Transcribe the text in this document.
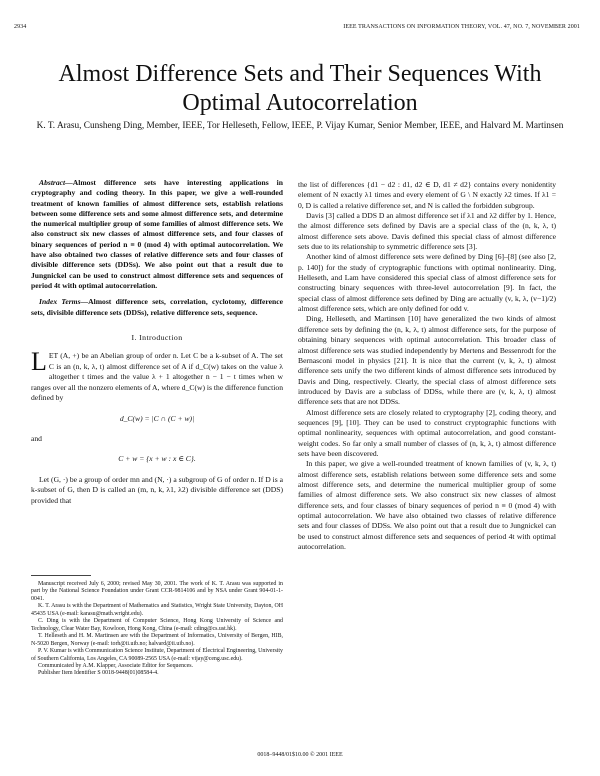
2934	IEEE TRANSACTIONS ON INFORMATION THEORY, VOL. 47, NO. 7, NOVEMBER 2001
Almost Difference Sets and Their Sequences With Optimal Autocorrelation
K. T. Arasu, Cunsheng Ding, Member, IEEE, Tor Helleseth, Fellow, IEEE, P. Vijay Kumar, Senior Member, IEEE, and Halvard M. Martinsen

Abstract—Almost difference sets have interesting applications in cryptography and coding theory. In this paper, we give a well-rounded treatment of known families of almost difference sets, establish relations between some difference sets and some almost difference sets, and determine the numerical multiplier group of some families of almost difference sets. We also construct six new classes of almost difference sets, and four classes of binary sequences of period n ≡ 0 (mod 4) with optimal autocorrelation. We have also obtained two classes of relative difference sets and four classes of divisible difference sets (DDSs). We also point out that a result due to Jungnickel can be used to construct almost difference sets and sequences of period 4t with optimal autocorrelation.

Index Terms—Almost difference sets, correlation, cyclotomy, difference sets, divisible difference sets (DDSs), relative difference sets, sequence.

I. Introduction

LET (A, +) be an Abelian group of order n. Let C be a k-subset of A. The set C is an (n, k, λ, t) almost difference set of A if d_C(w) takes on the value λ altogether t times and the value λ + 1 altogether n − 1 − t times when w ranges over all the nonzero elements of A, where d_C(w) is the difference function defined by

d_C(w) = |C ∩ (C + w)|
and
C + w = {x + w : x ∈ C}.

Let (G, ·) be a group of order mn and (N, ·) a subgroup of G of order n. If D is a k-subset of G, then D is called an (m, n, k, λ1, λ2) divisible difference set (DDS) provided that

Manuscript received July 6, 2000; revised May 30, 2001. The work of K. T. Arasu was supported in part by the National Science Foundation under Grant CCR-9814106 and by NSA under Grant 904-01-1-0041.

K. T. Arasu is with the Department of Mathematics and Statistics, Wright State University, Dayton, OH 45435 USA (e-mail: karasu@math.wright.edu).

C. Ding is with the Department of Computer Science, Hong Kong University of Science and Technology, Clear Water Bay, Kowloon, Hong Kong, China (e-mail: cding@cs.ust.hk).

T. Helleseth and H. M. Martinsen are with the Department of Informatics, University of Bergen, HIB, N-5020 Bergen, Norway (e-mail: torh@ii.uib.no; halvard@ii.uib.no).

P. V. Kumar is with Communication Science Institute, Department of Electrical Engineering, University of Southern California, Los Angeles, CA 90089-2565 USA (e-mail: vijay@ceng.usc.edu).

Communicated by A.M. Klapper, Associate Editor for Sequences.

Publisher Item Identifier S 0018-9448(01)08584-4.

the list of differences {d1 − d2 : d1, d2 ∈ D, d1 ≠ d2} contains every nonidentity element of N exactly λ1 times and every element of G \ N exactly λ2 times. If λ1 = 0, D is called a relative difference set, and N is called the forbidden subgroup.

Davis [3] called a DDS D an almost difference set if λ1 and λ2 differ by 1. Hence, the almost difference sets defined by Davis are a special class of the (n, k, λ, t) almost difference sets above. Davis defined this special class of almost difference sets due to its relationship to symmetric difference sets [3].

Another kind of almost difference sets were defined by Ding [6]–[8] (see also [2, p. 140]) for the study of cryptographic functions with optimal nonlinearity. Ding, Helleseth, and Lam have considered this special class of almost difference sets for constructing binary sequences with three-level autocorrelation [9]. In fact, the special class of almost difference sets defined by Ding are actually (v, k, λ, (v−1)/2) almost difference sets, which are only defined for odd v.

Ding, Helleseth, and Martinsen [10] have generalized the two kinds of almost difference sets by defining the (n, k, λ, t) almost difference sets, for the purpose of obtaining binary sequences with optimal autocorrelation. This broader class of almost difference sets was studied independently by Mertens and Bessenrodt for the Bernasconi model in physics [21]. It is nice that the current (v, k, λ, t) almost difference sets unify the two different kinds of almost difference sets introduced by Davis and Ding, respectively. Clearly, the special class of almost difference sets introduced by Davis are a subclass of DDSs, while there are (v, k, λ, t) almost difference sets that are not DDSs.

Almost difference sets are closely related to cryptography [2], coding theory, and sequences [9], [10]. They can be used to construct cryptographic functions with optimal nonlinearity, sequences with optimal autocorrelation, and good constant-weight codes. So far only a small number of classes of (n, k, λ, t) almost difference sets have been discovered.

In this paper, we give a well-rounded treatment of known families of (v, k, λ, t) almost difference sets, establish relations between some difference sets and some almost difference sets, and determine the numerical multiplier group of some families of almost difference sets. We also construct six new classes of almost difference sets, and four classes of binary sequences of period n ≡ 0 (mod 4) with optimal autocorrelation. We have also obtained two classes of relative difference sets and four classes of DDSs. We also point out that a result due to Jungnickel can be used to construct almost difference sets and sequences of period 4t with optimal autocorrelation.

0018–9448/01$10.00 © 2001 IEEE
